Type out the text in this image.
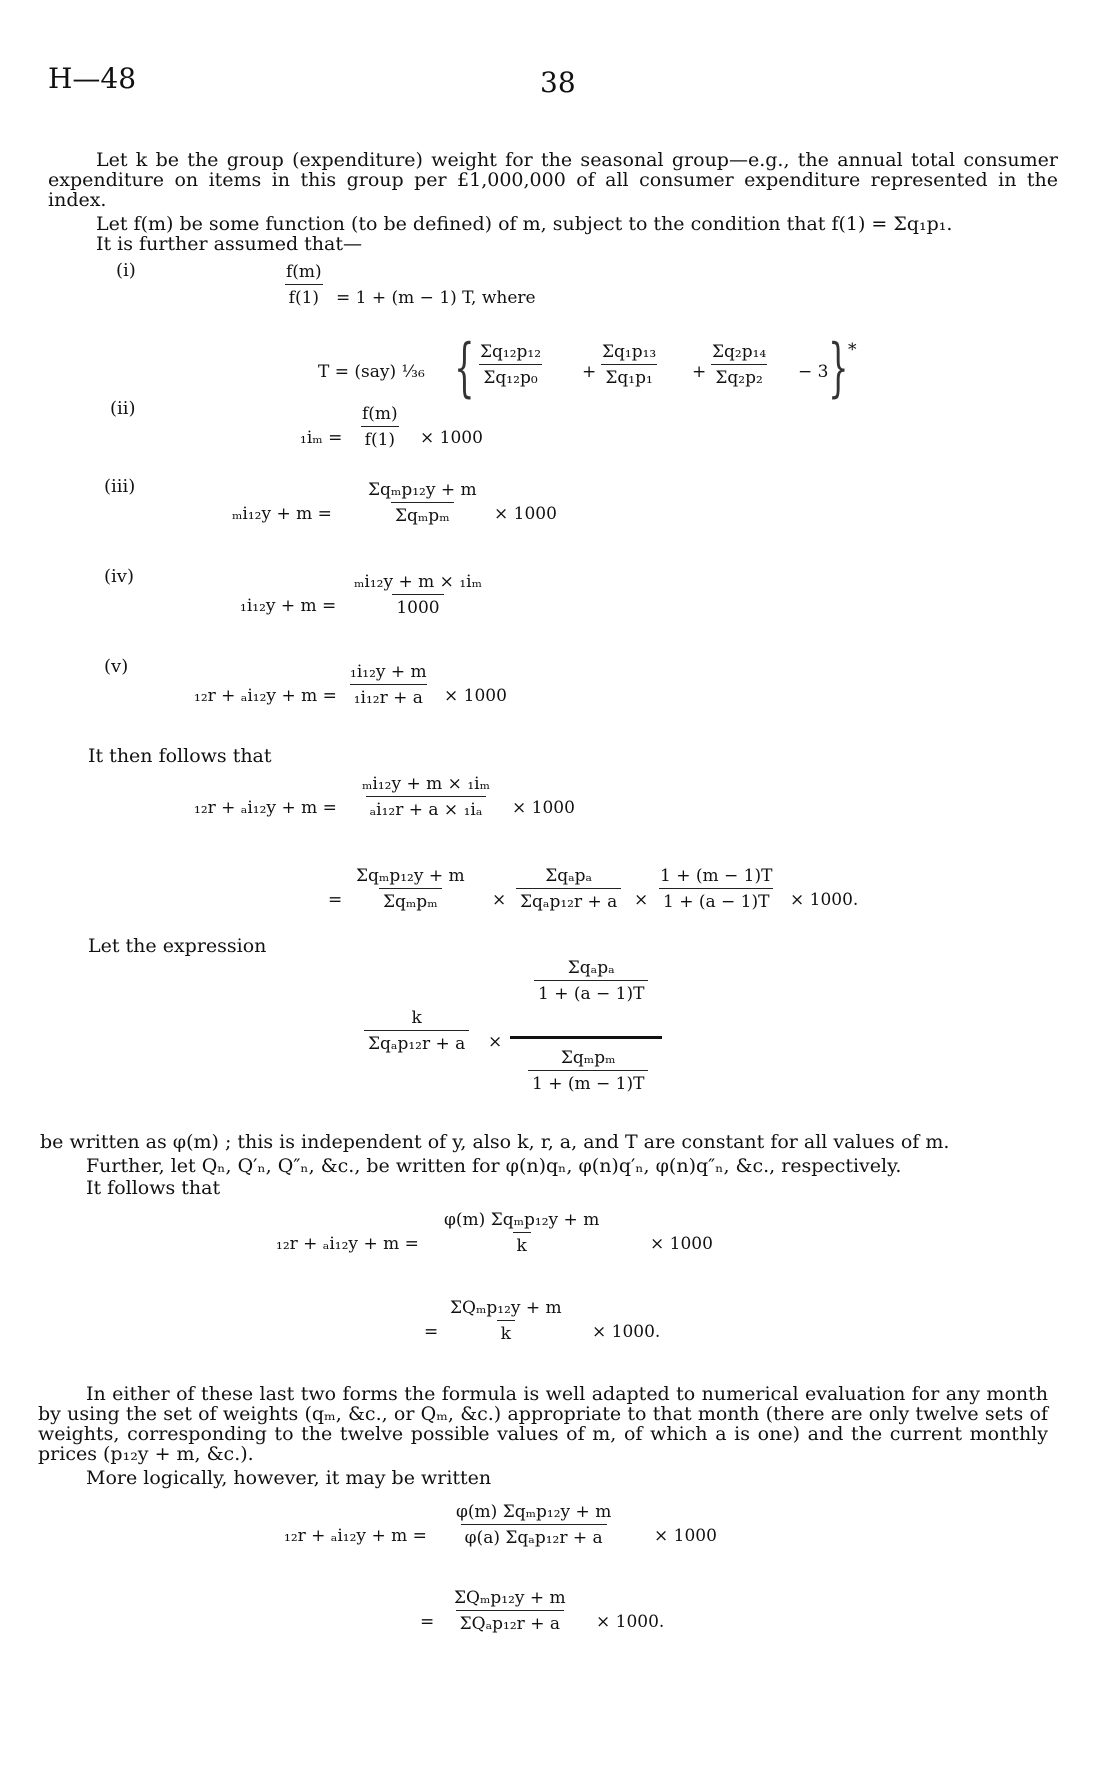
H—48	38
Let k be the group (expenditure) weight for the seasonal group—e.g., the annual total consumer expenditure on items in this group per £1,000,000 of all consumer expenditure represented in the index.
Let f(m) be some function (to be defined) of m, subject to the condition that f(1) = Σq₁p₁.
It is further assumed that—
(i)	$\frac{f(m)}{f(1)} = 1 + (m - 1)$ T, where
T = (say) ¹⁄₃₆ { $\frac{\text{Σq₁₂p₁₂}}{\text{Σq₁₂p₀}} + \frac{\text{Σq₁p₁₃}}{\text{Σq₁p₁}} + \frac{\text{Σq₂p₁₄}}{\text{Σq₂p₂}} - 3$ } *
(ii)
$_1i_m = \frac{f(m)}{f(1)} \times 1000$
(iii)
ₘi₁₂y + m =
Σqₘp₁₂y + m
Σqₘpₘ	× 1000
(iv)
$_1i_{12}y + m = \frac{\text{ₘi₁₂y + m × ₁iₘ}}{1000}$
(v)
$_{12}r + _ai_{12}y + m = \frac{\text{₁i₁₂y + m}}{\text{₁i₁₂r + a}} \times 1000$
It then follows that
$_{12}r + _ai_{12}y + m = \frac{\text{ₘi₁₂y + m × ₁iₘ}}{\text{ₐi₁₂r + a × ₁iₐ}} \times 1000$
=
Σqₘp₁₂y + m
Σqₘpₘ	×
Σqₐpₐ
$\Sigma q_ap_{12}r + a \times \frac{1 + (m - 1)T}{1 + (a - 1)T} \times 1000$.
Let the expression
k
Σqₐp₁₂r + a ×
Σqₐpₐ
1 + (a − 1)T
Σqₘpₘ
1 + (m − 1)T
be written as φ(m) ; this is independent of y, also k, r, a, and T are constant for all values of m.
Further, let Qₙ, Q′ₙ, Q″ₙ, &c., be written for φ(n)qₙ, φ(n)q′ₙ, φ(n)q″ₙ, &c., respectively.
It follows that
₁₂r + ₐi₁₂y + m =
φ(m) Σqₘp₁₂y + m
k	× 1000
=
ΣQₘp₁₂y + m
k	× 1000.
In either of these last two forms the formula is well adapted to numerical evaluation for any month by using the set of weights (qₘ, &c., or Qₘ, &c.) appropriate to that month (there are only twelve sets of weights, corresponding to the twelve possible values of m, of which a is one) and the current monthly prices (p₁₂y + m, &c.).
More logically, however, it may be written
₁₂r + ₐi₁₂y + m =
φ(m) Σqₘp₁₂y + m
φ(a) Σqₐp₁₂r + a	× 1000
=
ΣQₘp₁₂y + m
ΣQₐp₁₂r + a × 1000.
